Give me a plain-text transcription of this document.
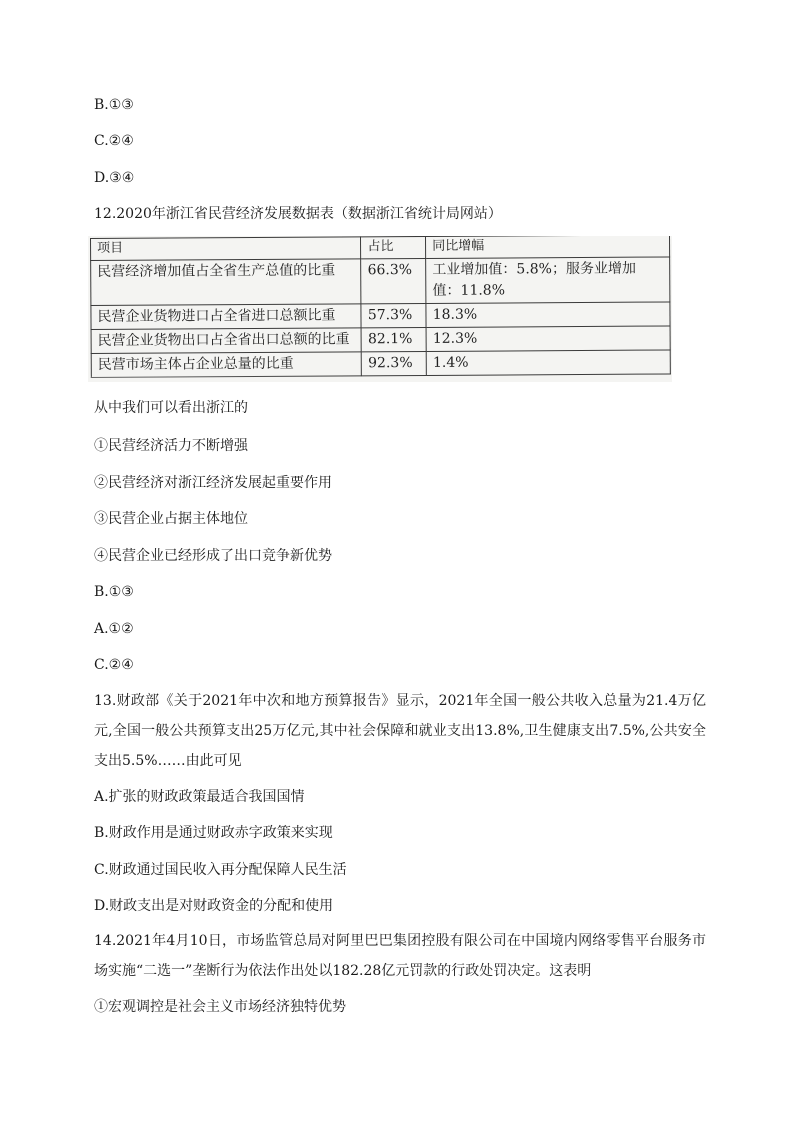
B.①③
C.②④
D.③④
12.2020年浙江省民营经济发展数据表（数据浙江省统计局网站）
项目	占比	同比增幅
民营经济增加值占全省生产总值的比重	66.3%	工业增加值：5.8%；服务业增加值：11.8%
民营企业货物进口占全省进口总额比重	57.3%	18.3%
民营企业货物出口占全省出口总额的比重	82.1%	12.3%
民营市场主体占企业总量的比重	92.3%	1.4%
从中我们可以看出浙江的
①民营经济活力不断增强
②民营经济对浙江经济发展起重要作用
③民营企业占据主体地位
④民营企业已经形成了出口竞争新优势
B.①③
A.①②
C.②④
13.财政部《关于2021年中次和地方预算报告》显示，2021年全国一般公共收入总量为21.4万亿元,全国一般公共预算支出25万亿元,其中社会保障和就业支出13.8%,卫生健康支出7.5%,公共安全支出5.5%……由此可见
A.扩张的财政政策最适合我国国情
B.财政作用是通过财政赤字政策来实现
C.财政通过国民收入再分配保障人民生活
D.财政支出是对财政资金的分配和使用
14.2021年4月10日，市场监管总局对阿里巴巴集团控股有限公司在中国境内网络零售平台服务市场实施“二选一”垄断行为依法作出处以182.28亿元罚款的行政处罚决定。这表明
①宏观调控是社会主义市场经济独特优势
